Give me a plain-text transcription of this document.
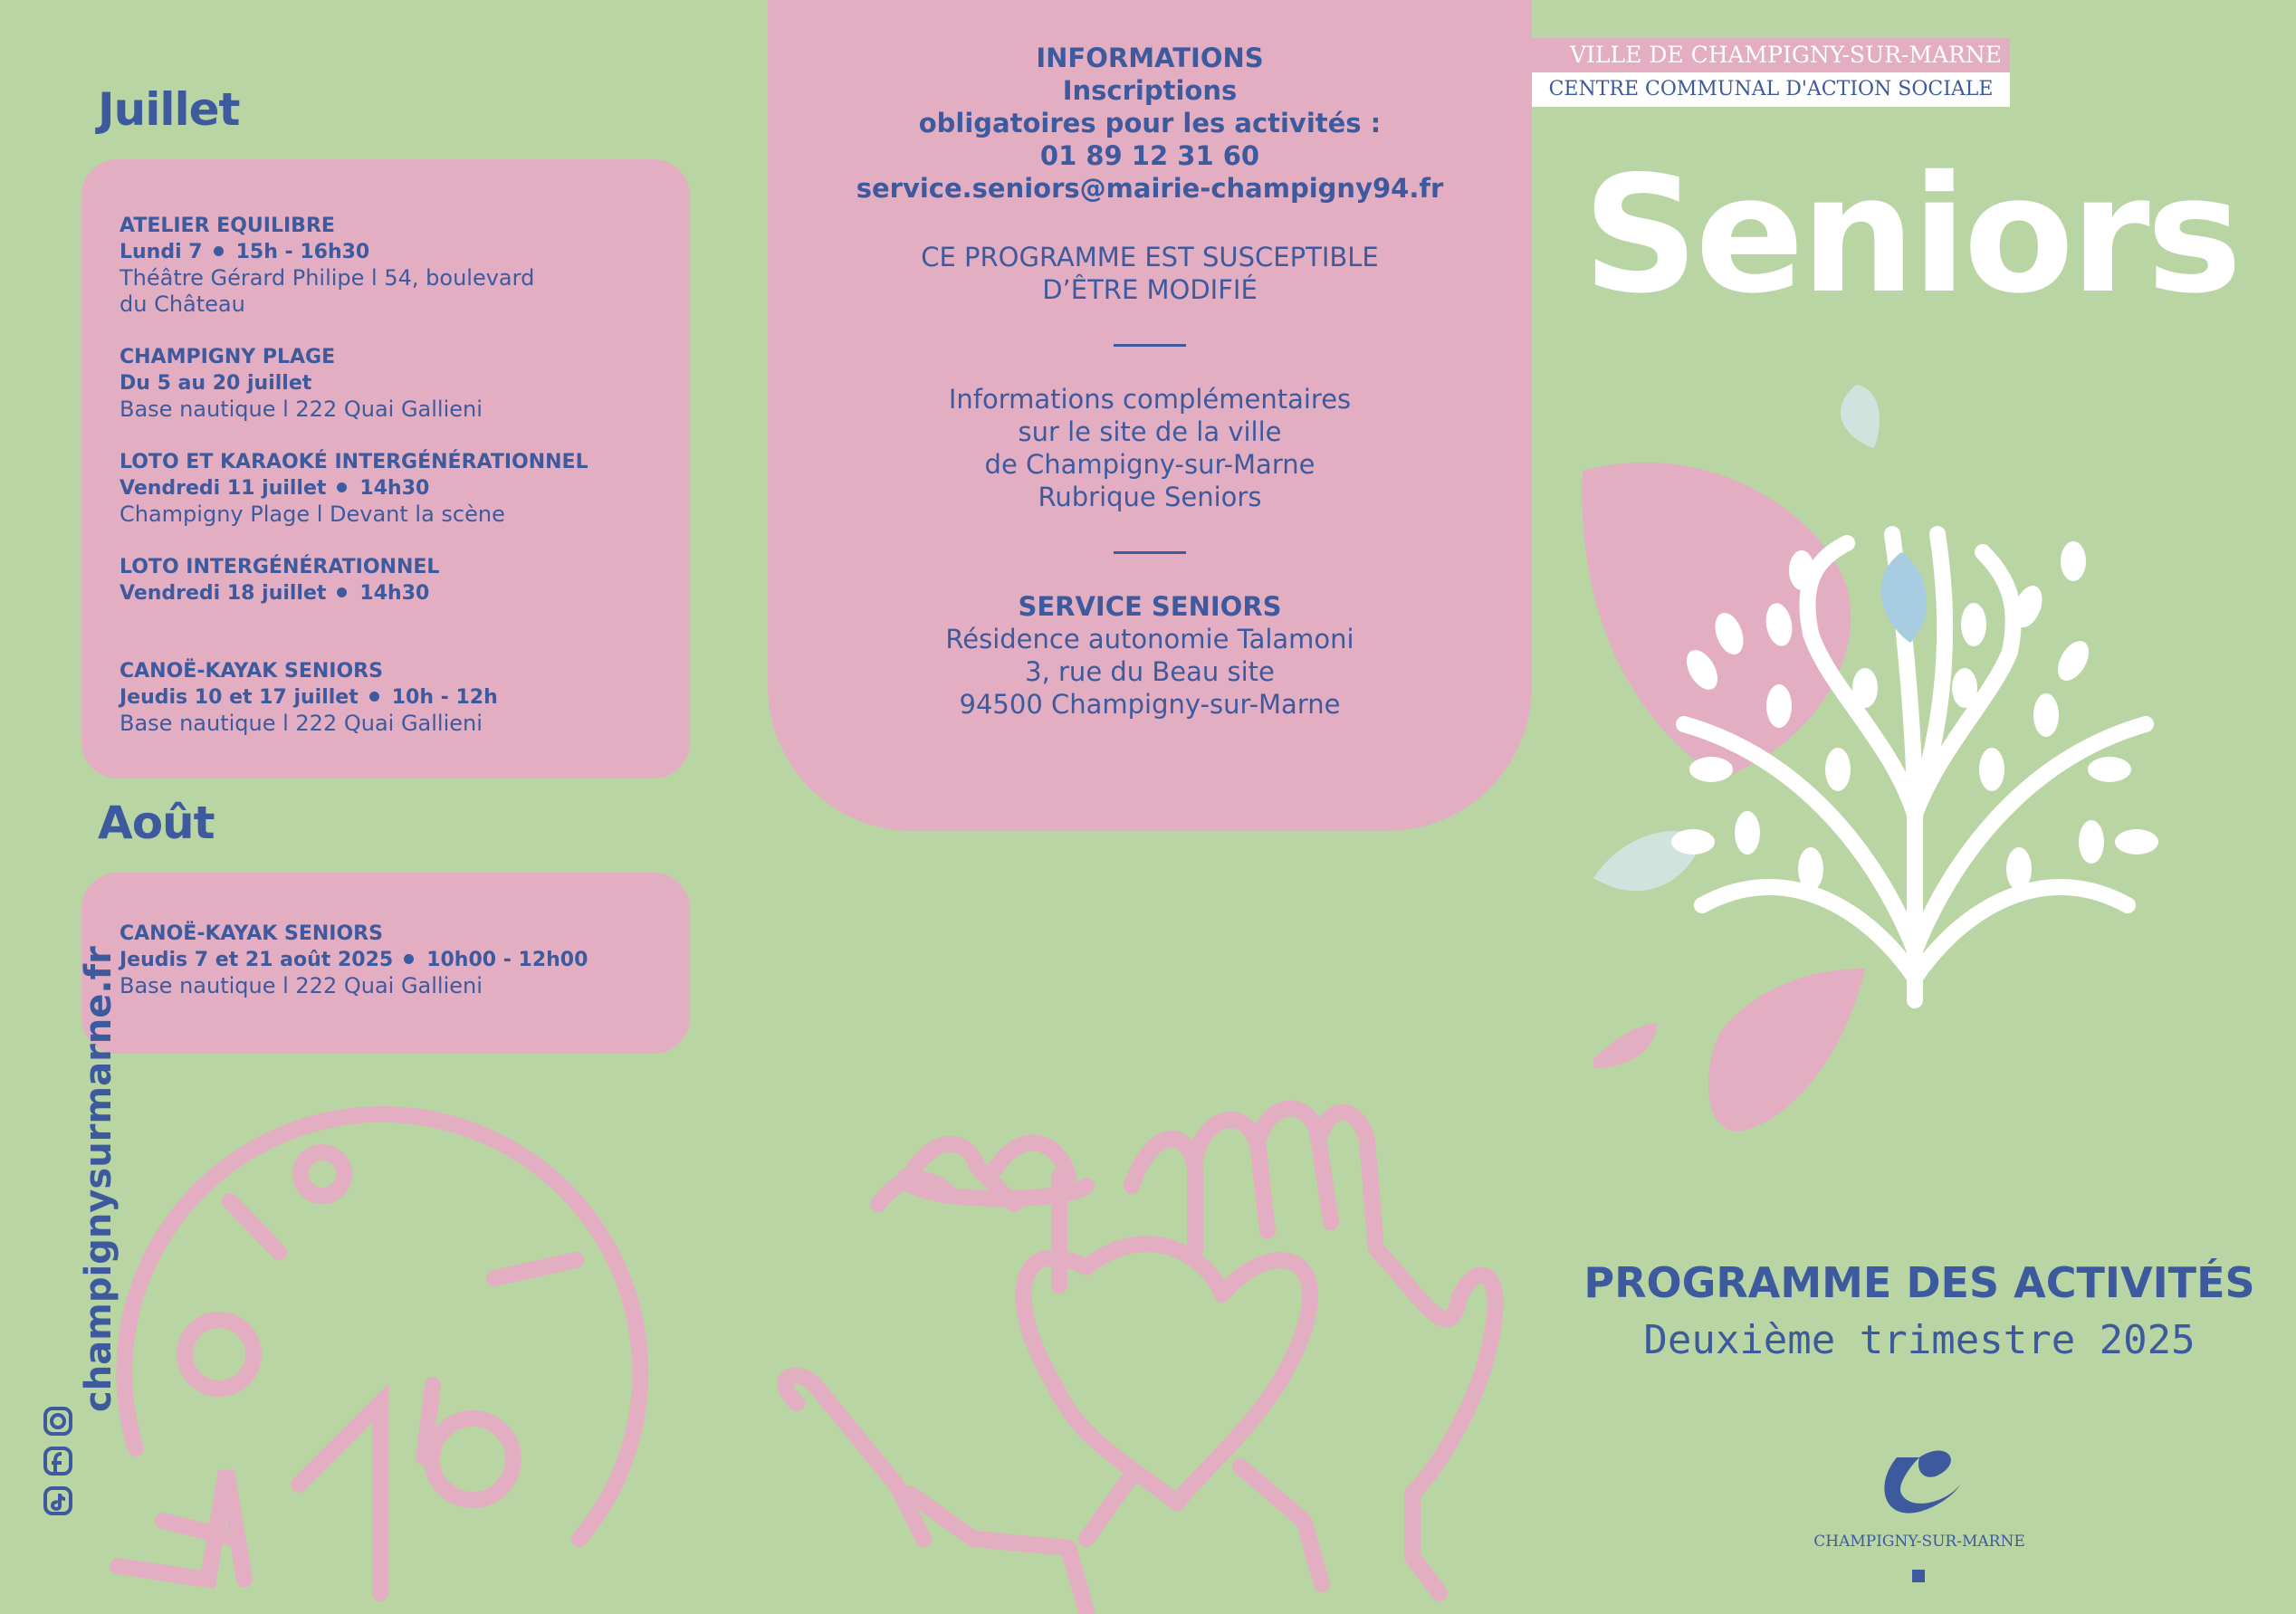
Juillet
ATELIER EQUILIBRE
Lundi 7 15h - 16h30
Théâtre Gérard Philipe l 54, boulevard
du Château
CHAMPIGNY PLAGE
Du 5 au 20 juillet
Base nautique l 222 Quai Gallieni
LOTO ET KARAOKÉ INTERGÉNÉRATIONNEL
Vendredi 11 juillet 14h30
Champigny Plage l Devant la scène
LOTO INTERGÉNÉRATIONNEL
Vendredi 18 juillet 14h30
CANOË-KAYAK SENIORS
Jeudis 10 et 17 juillet 10h - 12h
Base nautique l 222 Quai Gallieni
Août
CANOË-KAYAK SENIORS
Jeudis 7 et 21 août 2025 10h00 - 12h00
Base nautique l 222 Quai Gallieni
champignysurmarne.fr
INFORMATIONS
Inscriptions
obligatoires pour les activités :
01 89 12 31 60
service.seniors@mairie-champigny94.fr
CE PROGRAMME EST SUSCEPTIBLE
D’ÊTRE MODIFIÉ
Informations complémentaires
sur le site de la ville
de Champigny-sur-Marne
Rubrique Seniors
SERVICE SENIORS
Résidence autonomie Talamoni
3, rue du Beau site
94500 Champigny-sur-Marne
VILLE DE CHAMPIGNY-SUR-MARNE
CENTRE COMMUNAL D'ACTION SOCIALE
Seniors
PROGRAMME DES ACTIVITÉS
Deuxième trimestre 2025
CHAMPIGNY-SUR-MARNE
